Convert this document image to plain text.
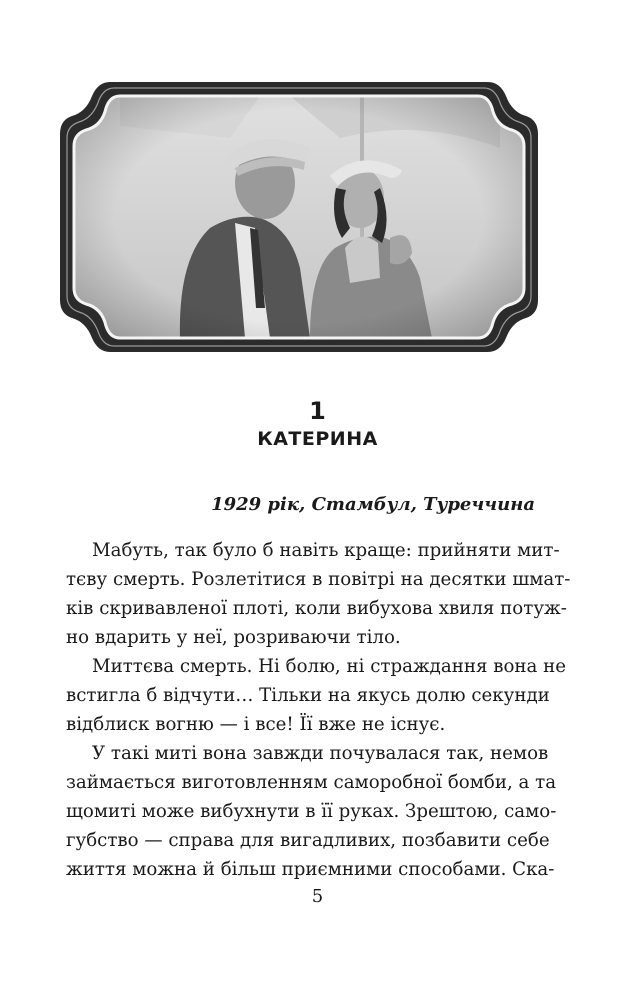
1
КАТЕРИНА
1929 рік, Стамбул, Туреччина
Мабуть, так було б навіть краще: прийняти мит-
тєву смерть. Розлетітися в повітрі на десятки шмат-
ків скривавленої плоті, коли вибухова хвиля потуж-
но вдарить у неї, розриваючи тіло.
Миттєва смерть. Ні болю, ні страждання вона не
встигла б відчути… Тільки на якусь долю секунди
відблиск вогню — і все! Її вже не існує.
У такі миті вона завжди почувалася так, немов
займається виготовленням саморобної бомби, а та
щомиті може вибухнути в її руках. Зрештою, само-
губство — справа для вигадливих, позбавити себе
життя можна й більш приємними способами. Ска-
5
